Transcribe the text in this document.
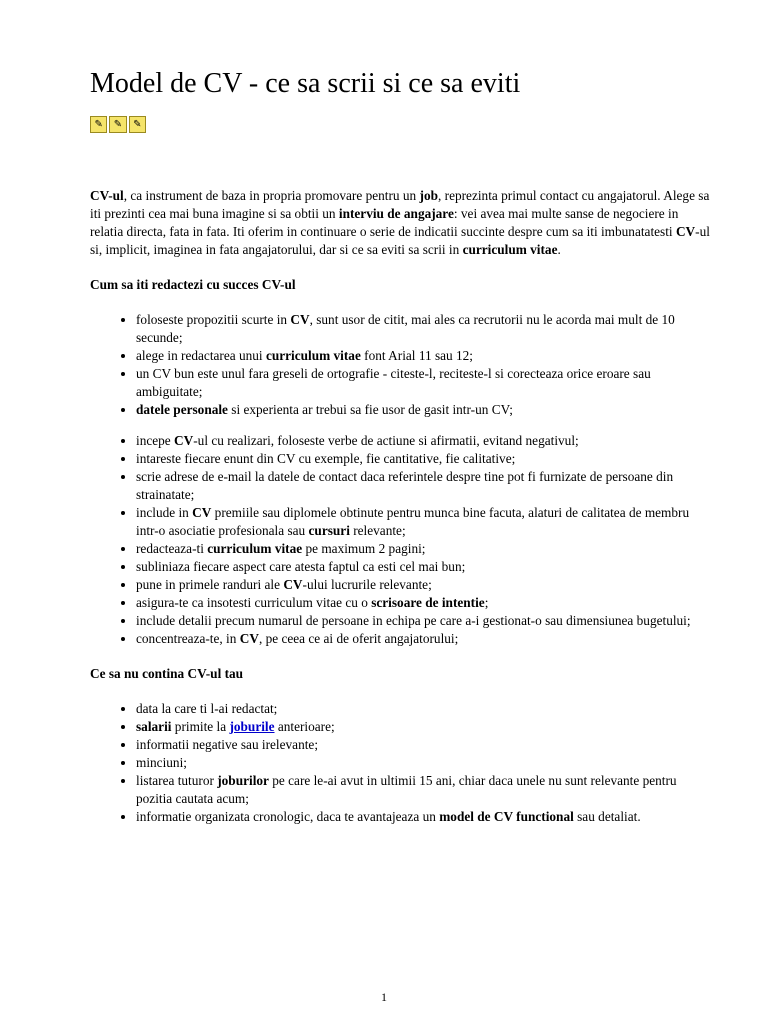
Model de CV - ce sa scrii si ce sa eviti
✎	✎	✎

CV-ul, ca instrument de baza in propria promovare pentru un job, reprezinta primul contact cu angajatorul. Alege sa iti prezinti cea mai buna imagine si sa obtii un interviu de angajare: vei avea mai multe sanse de negociere in relatia directa, fata in fata. Iti oferim in continuare o serie de indicatii succinte despre cum sa iti imbunatatesti CV-ul si, implicit, imaginea in fata angajatorului, dar si ce sa eviti sa scrii in curriculum vitae.

Cum sa iti redactezi cu succes CV-ul

• foloseste propozitii scurte in CV, sunt usor de citit, mai ales ca recrutorii nu le acorda mai mult de 10 secunde;
• alege in redactarea unui curriculum vitae font Arial 11 sau 12;
• un CV bun este unul fara greseli de ortografie - citeste-l, reciteste-l si corecteaza orice eroare sau ambiguitate;
• datele personale si experienta ar trebui sa fie usor de gasit intr-un CV;
• incepe CV-ul cu realizari, foloseste verbe de actiune si afirmatii, evitand negativul;
• intareste fiecare enunt din CV cu exemple, fie cantitative, fie calitative;
• scrie adrese de e-mail la datele de contact daca referintele despre tine pot fi furnizate de persoane din strainatate;
• include in CV premiile sau diplomele obtinute pentru munca bine facuta, alaturi de calitatea de membru intr-o asociatie profesionala sau cursuri relevante;
• redacteaza-ti curriculum vitae pe maximum 2 pagini;
• subliniaza fiecare aspect care atesta faptul ca esti cel mai bun;
• pune in primele randuri ale CV-ului lucrurile relevante;
• asigura-te ca insotesti curriculum vitae cu o scrisoare de intentie;
• include detalii precum numarul de persoane in echipa pe care a-i gestionat-o sau dimensiunea bugetului;
• concentreaza-te, in CV, pe ceea ce ai de oferit angajatorului;

Ce sa nu contina CV-ul tau

• data la care ti l-ai redactat;
• salarii primite la joburile anterioare;
• informatii negative sau irelevante;
• minciuni;
• listarea tuturor joburilor pe care le-ai avut in ultimii 15 ani, chiar daca unele nu sunt relevante pentru pozitia cautata acum;
• informatie organizata cronologic, daca te avantajeaza un model de CV functional sau detaliat.
1
